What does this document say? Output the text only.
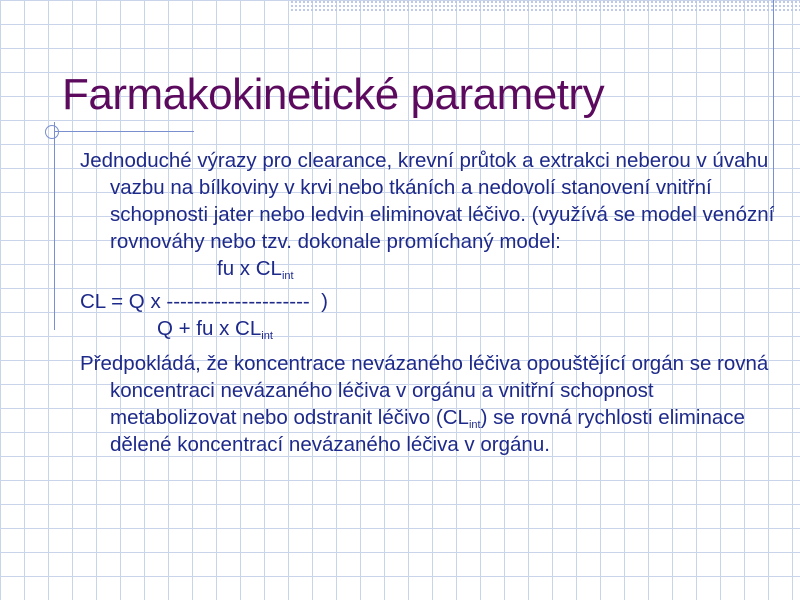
Farmakokinetické parametry

Jednoduché výrazy pro clearance, krevní průtok a extrakci neberou v úvahu vazbu na bílkoviny v krvi nebo tkáních a nedovolí stanovení vnitřní schopnosti jater nebo ledvin eliminovat léčivo. (využívá se model venózní rovnováhy nebo tzv. dokonale promíchaný model:
fu x $CL_{int}$

CL = Q x ---------------------  )

Q + fu x $CL_{int}$

Předpokládá, že koncentrace nevázaného léčiva opouštějící orgán se rovná koncentraci nevázaného léčiva v orgánu a vnitřní schopnost metabolizovat nebo odstranit léčivo $(CL_{int})$ se rovná rychlosti eliminace dělené koncentrací nevázaného léčiva v orgánu.
